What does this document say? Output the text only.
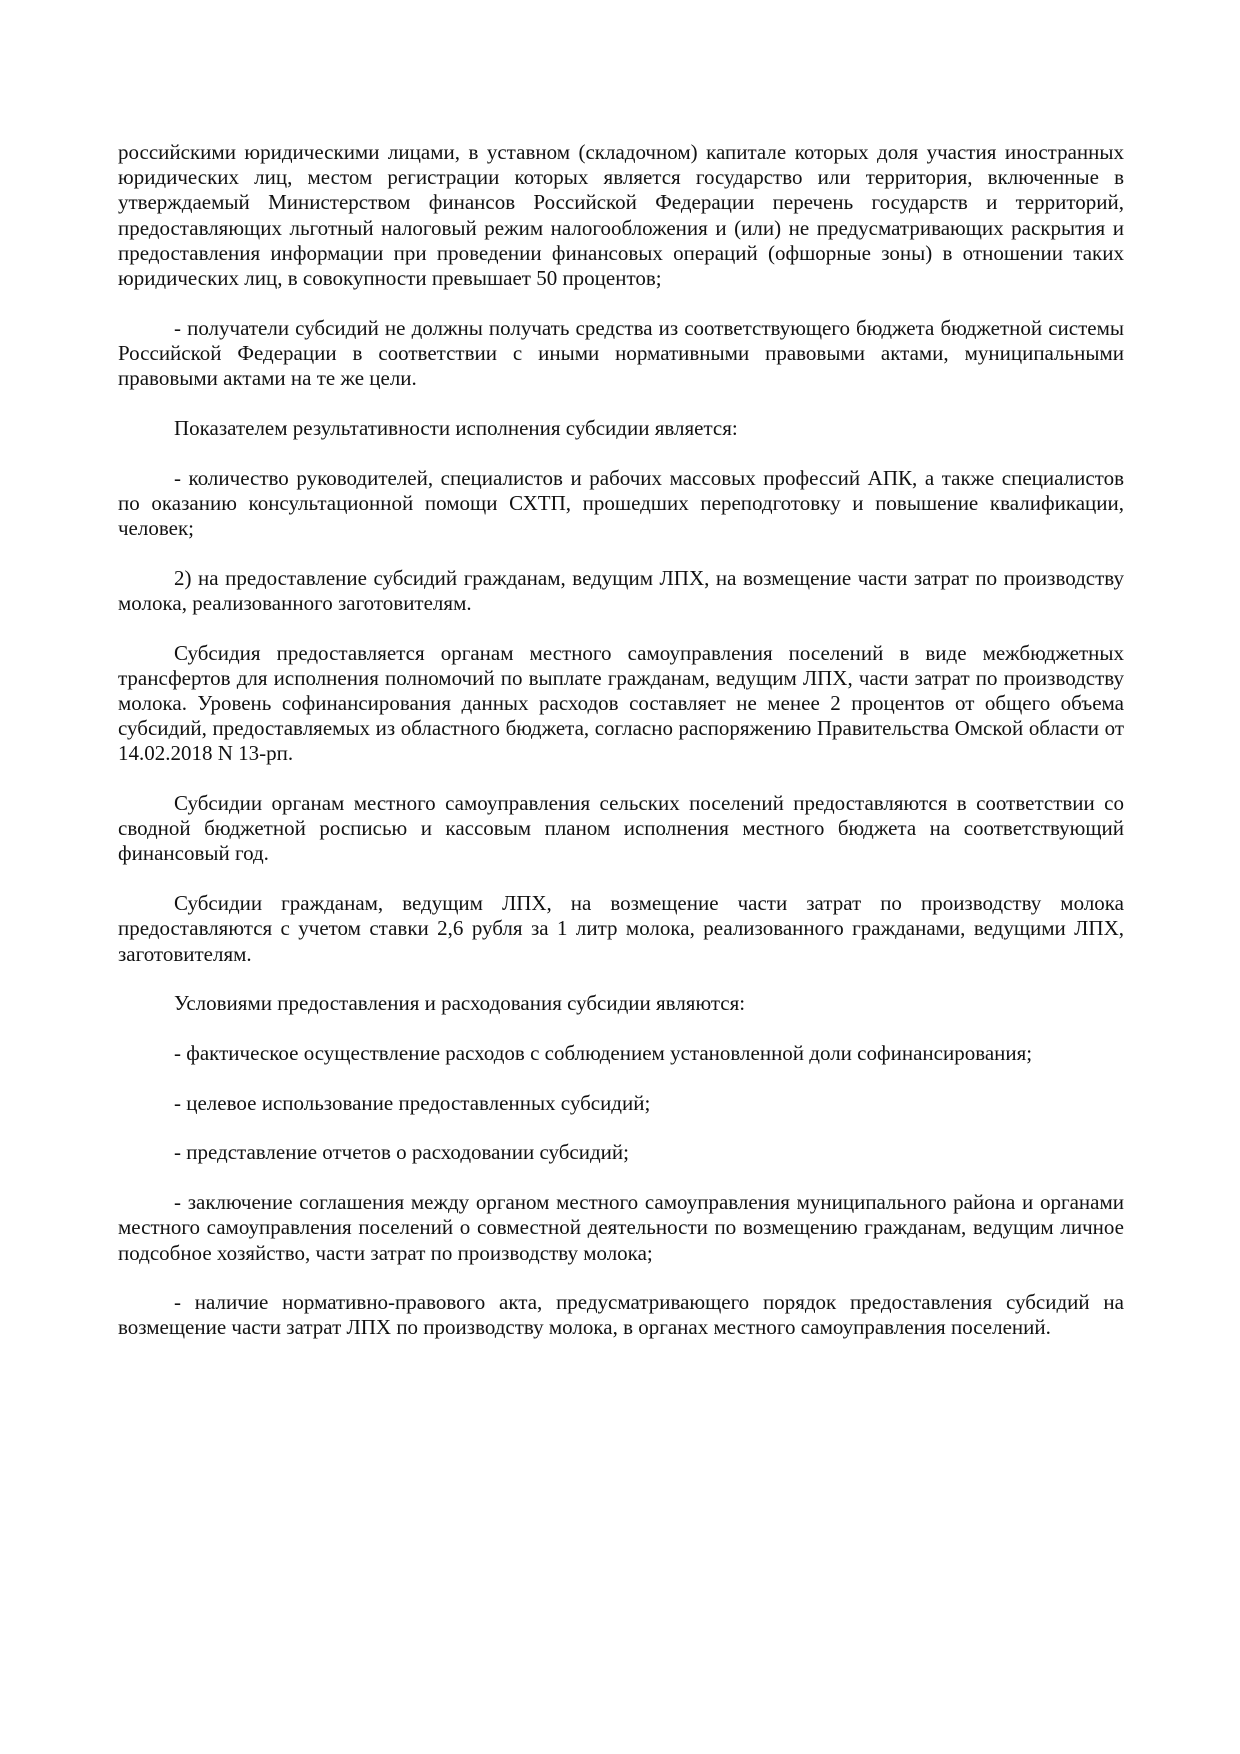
российскими юридическими лицами, в уставном (складочном) капитале которых доля участия иностранных юридических лиц, местом регистрации которых является государство или территория, включенные в утверждаемый Министерством финансов Российской Федерации перечень государств и территорий, предоставляющих льготный налоговый режим налогообложения и (или) не предусматривающих раскрытия и предоставления информации при проведении финансовых операций (офшорные зоны) в отношении таких юридических лиц, в совокупности превышает 50 процентов;

- получатели субсидий не должны получать средства из соответствующего бюджета бюджетной системы Российской Федерации в соответствии с иными нормативными правовыми актами, муниципальными правовыми актами на те же цели.

Показателем результативности исполнения субсидии является:

- количество руководителей, специалистов и рабочих массовых профессий АПК, а также специалистов по оказанию консультационной помощи СХТП, прошедших переподготовку и повышение квалификации, человек;

2) на предоставление субсидий гражданам, ведущим ЛПХ, на возмещение части затрат по производству молока, реализованного заготовителям.

Субсидия предоставляется органам местного самоуправления поселений в виде межбюджетных трансфертов для исполнения полномочий по выплате гражданам, ведущим ЛПХ, части затрат по производству молока. Уровень софинансирования данных расходов составляет не менее 2 процентов от общего объема субсидий, предоставляемых из областного бюджета, согласно распоряжению Правительства Омской области от 14.02.2018 N 13-рп.

Субсидии органам местного самоуправления сельских поселений предоставляются в соответствии со сводной бюджетной росписью и кассовым планом исполнения местного бюджета на соответствующий финансовый год.

Субсидии гражданам, ведущим ЛПХ, на возмещение части затрат по производству молока предоставляются с учетом ставки 2,6 рубля за 1 литр молока, реализованного гражданами, ведущими ЛПХ, заготовителям.

Условиями предоставления и расходования субсидии являются:

- фактическое осуществление расходов с соблюдением установленной доли софинансирования;

- целевое использование предоставленных субсидий;

- представление отчетов о расходовании субсидий;

- заключение соглашения между органом местного самоуправления муниципального района и органами местного самоуправления поселений о совместной деятельности по возмещению гражданам, ведущим личное подсобное хозяйство, части затрат по производству молока;

- наличие нормативно-правового акта, предусматривающего порядок предоставления субсидий на возмещение части затрат ЛПХ по производству молока, в органах местного самоуправления поселений.
